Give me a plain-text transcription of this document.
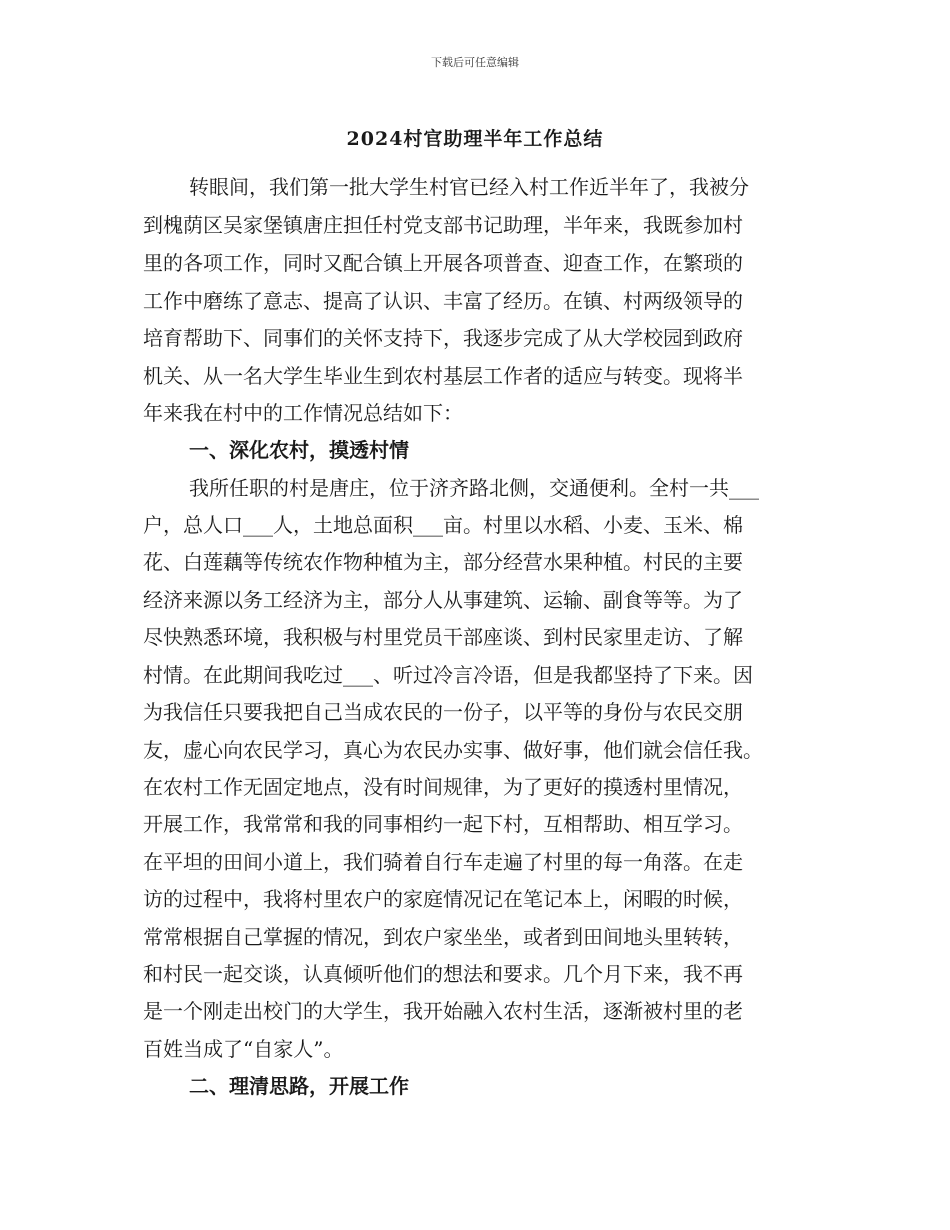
下载后可任意编辑
2024村官助理半年工作总结
转眼间，我们第一批大学生村官已经入村工作近半年了，我被分
到槐荫区吴家堡镇唐庄担任村党支部书记助理，半年来，我既参加村
里的各项工作，同时又配合镇上开展各项普查、迎查工作，在繁琐的
工作中磨练了意志、提高了认识、丰富了经历。在镇、村两级领导的
培育帮助下、同事们的关怀支持下，我逐步完成了从大学校园到政府
机关、从一名大学生毕业生到农村基层工作者的适应与转变。现将半
年来我在村中的工作情况总结如下：
一、深化农村，摸透村情
我所任职的村是唐庄，位于济齐路北侧，交通便利。全村一共___
户，总人口___人，土地总面积___亩。村里以水稻、小麦、玉米、棉
花、白莲藕等传统农作物种植为主，部分经营水果种植。村民的主要
经济来源以务工经济为主，部分人从事建筑、运输、副食等等。为了
尽快熟悉环境，我积极与村里党员干部座谈、到村民家里走访、了解
村情。在此期间我吃过___、听过冷言冷语，但是我都坚持了下来。因
为我信任只要我把自己当成农民的一份子，以平等的身份与农民交朋
友，虚心向农民学习，真心为农民办实事、做好事，他们就会信任我。
在农村工作无固定地点，没有时间规律，为了更好的摸透村里情况，
开展工作，我常常和我的同事相约一起下村，互相帮助、相互学习。
在平坦的田间小道上，我们骑着自行车走遍了村里的每一角落。在走
访的过程中，我将村里农户的家庭情况记在笔记本上，闲暇的时候，
常常根据自己掌握的情况，到农户家坐坐，或者到田间地头里转转，
和村民一起交谈，认真倾听他们的想法和要求。几个月下来，我不再
是一个刚走出校门的大学生，我开始融入农村生活，逐渐被村里的老
百姓当成了“自家人”。
二、理清思路，开展工作
